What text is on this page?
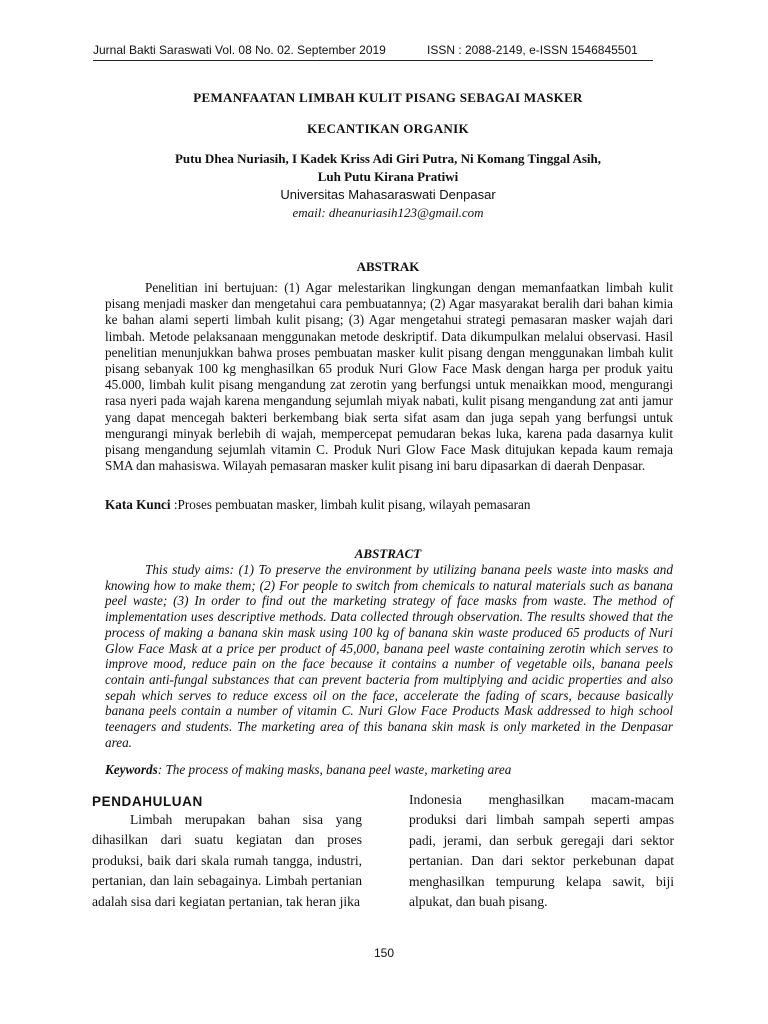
Jurnal Bakti Saraswati Vol. 08 No. 02. September 2019	ISSN : 2088-2149, e-ISSN 1546845501
PEMANFAATAN LIMBAH KULIT PISANG SEBAGAI MASKER
KECANTIKAN ORGANIK
Putu Dhea Nuriasih, I Kadek Kriss Adi Giri Putra, Ni Komang Tinggal Asih,
Luh Putu Kirana Pratiwi
Universitas Mahasaraswati Denpasar
email: dheanuriasih123@gmail.com
ABSTRAK

Penelitian ini bertujuan: (1) Agar melestarikan lingkungan dengan memanfaatkan limbah kulit pisang menjadi masker dan mengetahui cara pembuatannya; (2) Agar masyarakat beralih dari bahan kimia ke bahan alami seperti limbah kulit pisang; (3) Agar mengetahui strategi pemasaran masker wajah dari limbah. Metode pelaksanaan menggunakan metode deskriptif. Data dikumpulkan melalui observasi. Hasil penelitian menunjukkan bahwa proses pembuatan masker kulit pisang dengan menggunakan limbah kulit pisang sebanyak 100 kg menghasilkan 65 produk Nuri Glow Face Mask dengan harga per produk yaitu 45.000, limbah kulit pisang mengandung zat zerotin yang berfungsi untuk menaikkan mood, mengurangi rasa nyeri pada wajah karena mengandung sejumlah miyak nabati, kulit pisang mengandung zat anti jamur yang dapat mencegah bakteri berkembang biak serta sifat asam dan juga sepah yang berfungsi untuk mengurangi minyak berlebih di wajah, mempercepat pemudaran bekas luka, karena pada dasarnya kulit pisang mengandung sejumlah vitamin C. Produk Nuri Glow Face Mask ditujukan kepada kaum remaja SMA dan mahasiswa. Wilayah pemasaran masker kulit pisang ini baru dipasarkan di daerah Denpasar.

Kata Kunci :Proses pembuatan masker, limbah kulit pisang, wilayah pemasaran
ABSTRACT

This study aims: (1) To preserve the environment by utilizing banana peels waste into masks and knowing how to make them; (2) For people to switch from chemicals to natural materials such as banana peel waste; (3) In order to find out the marketing strategy of face masks from waste. The method of implementation uses descriptive methods. Data collected through observation. The results showed that the process of making a banana skin mask using 100 kg of banana skin waste produced 65 products of Nuri Glow Face Mask at a price per product of 45,000, banana peel waste containing zerotin which serves to improve mood, reduce pain on the face because it contains a number of vegetable oils, banana peels contain anti-fungal substances that can prevent bacteria from multiplying and acidic properties and also sepah which serves to reduce excess oil on the face, accelerate the fading of scars, because basically banana peels contain a number of vitamin C. Nuri Glow Face Products Mask addressed to high school teenagers and students. The marketing area of this banana skin mask is only marketed in the Denpasar area.

Keywords: The process of making masks, banana peel waste, marketing area
PENDAHULUAN

Limbah merupakan bahan sisa yang dihasilkan dari suatu kegiatan dan proses produksi, baik dari skala rumah tangga, industri, pertanian, dan lain sebagainya. Limbah pertanian adalah sisa dari kegiatan pertanian, tak heran jika

Indonesia menghasilkan macam-macam produksi dari limbah sampah seperti ampas padi, jerami, dan serbuk geregaji dari sektor pertanian. Dan dari sektor perkebunan dapat menghasilkan tempurung kelapa sawit, biji alpukat, dan buah pisang.

150
